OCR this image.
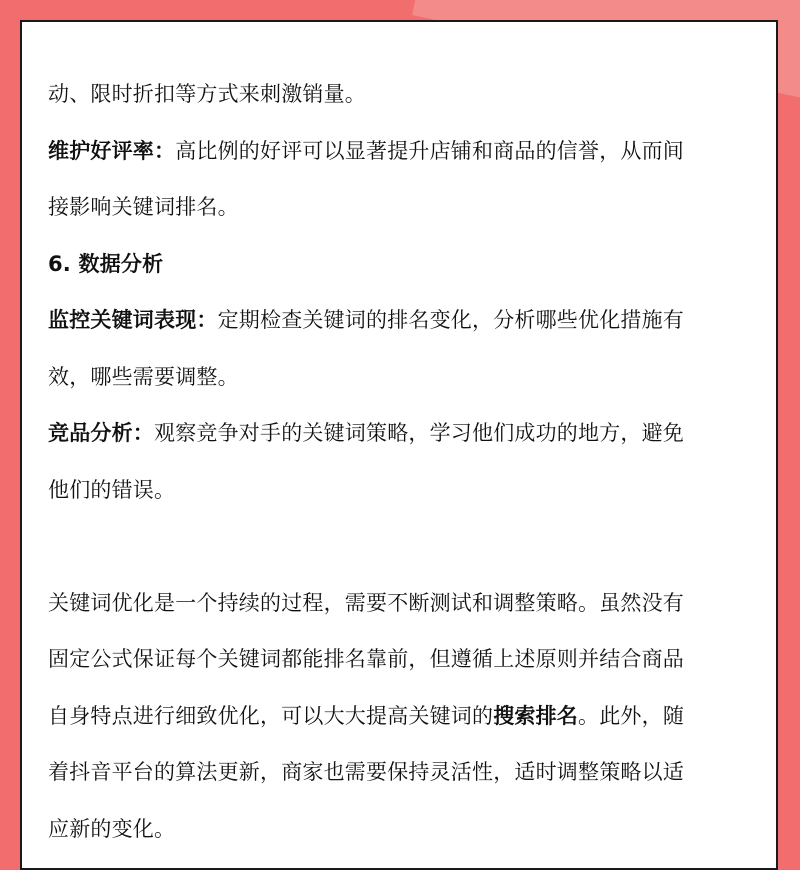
动、限时折扣等方式来刺激销量。

维护好评率：高比例的好评可以显著提升店铺和商品的信誉，从而间

接影响关键词排名。

6. 数据分析

监控关键词表现：定期检查关键词的排名变化，分析哪些优化措施有

效，哪些需要调整。

竞品分析：观察竞争对手的关键词策略，学习他们成功的地方，避免

他们的错误。

关键词优化是一个持续的过程，需要不断测试和调整策略。虽然没有

固定公式保证每个关键词都能排名靠前，但遵循上述原则并结合商品

自身特点进行细致优化，可以大大提高关键词的搜索排名。此外，随

着抖音平台的算法更新，商家也需要保持灵活性，适时调整策略以适

应新的变化。
